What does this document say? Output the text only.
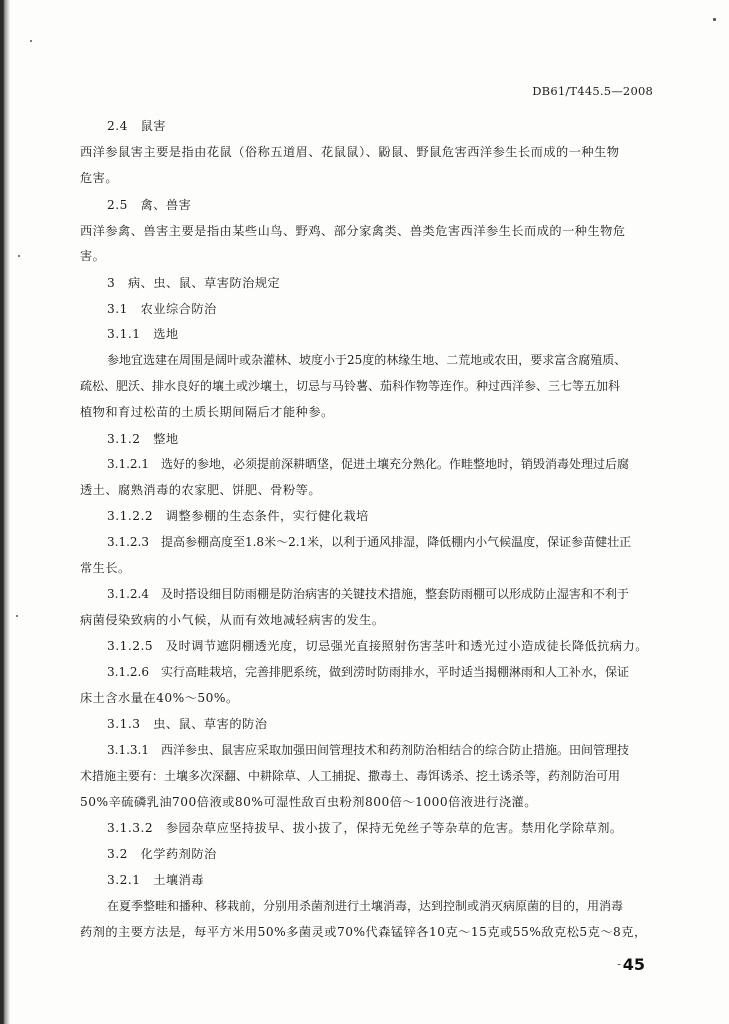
DB61/T445.5—2008
2.4　鼠害
西洋参鼠害主要是指由花鼠（俗称五道眉、花鼠鼠）、鼢鼠、野鼠危害西洋参生长而成的一种生物
危害。
2.5　禽、兽害
西洋参禽、兽害主要是指由某些山鸟、野鸡、部分家禽类、兽类危害西洋参生长而成的一种生物危
害。
3　病、虫、鼠、草害防治规定
3.1　农业综合防治
3.1.1　选地
参地宜选建在周围是阔叶或杂灌林、坡度小于25度的林缘生地、二荒地或农田，要求富含腐殖质、
疏松、肥沃、排水良好的壤土或沙壤土，切忌与马铃薯、茄科作物等连作。种过西洋参、三七等五加科
植物和育过松苗的土质长期间隔后才能种参。
3.1.2　整地
3.1.2.1　选好的参地，必须提前深耕晒垡，促进土壤充分熟化。作畦整地时，销毁消毒处理过后腐
透土、腐熟消毒的农家肥、饼肥、骨粉等。
3.1.2.2　调整参棚的生态条件，实行健化栽培
3.1.2.3　提高参棚高度至1.8米～2.1米，以利于通风排湿，降低棚内小气候温度，保证参苗健壮正
常生长。
3.1.2.4　及时搭设细目防雨棚是防治病害的关键技术措施，整套防雨棚可以形成防止湿害和不利于
病菌侵染致病的小气候，从而有效地减轻病害的发生。
3.1.2.5　及时调节遮阴棚透光度，切忌强光直接照射伤害茎叶和透光过小造成徒长降低抗病力。
3.1.2.6　实行高畦栽培，完善排肥系统，做到涝时防雨排水，平时适当揭棚淋雨和人工补水，保证
床土含水量在40%～50%。
3.1.3　虫、鼠、草害的防治
3.1.3.1　西洋参虫、鼠害应采取加强田间管理技术和药剂防治相结合的综合防止措施。田间管理技
术措施主要有：土壤多次深翻、中耕除草、人工捕捉、撒毒土、毒饵诱杀、挖土诱杀等，药剂防治可用
50%辛硫磷乳油700倍液或80%可湿性敌百虫粉剂800倍～1000倍液进行浇灌。
3.1.3.2　参园杂草应坚持拔早、拔小拔了，保持无免丝子等杂草的危害。禁用化学除草剂。
3.2　化学药剂防治
3.2.1　土壤消毒
在夏季整畦和播种、移栽前，分别用杀菌剂进行土壤消毒，达到控制或消灭病原菌的目的，用消毒
药剂的主要方法是，每平方米用50%多菌灵或70%代森锰锌各10克～15克或55%敌克松5克～8克，
- 45
